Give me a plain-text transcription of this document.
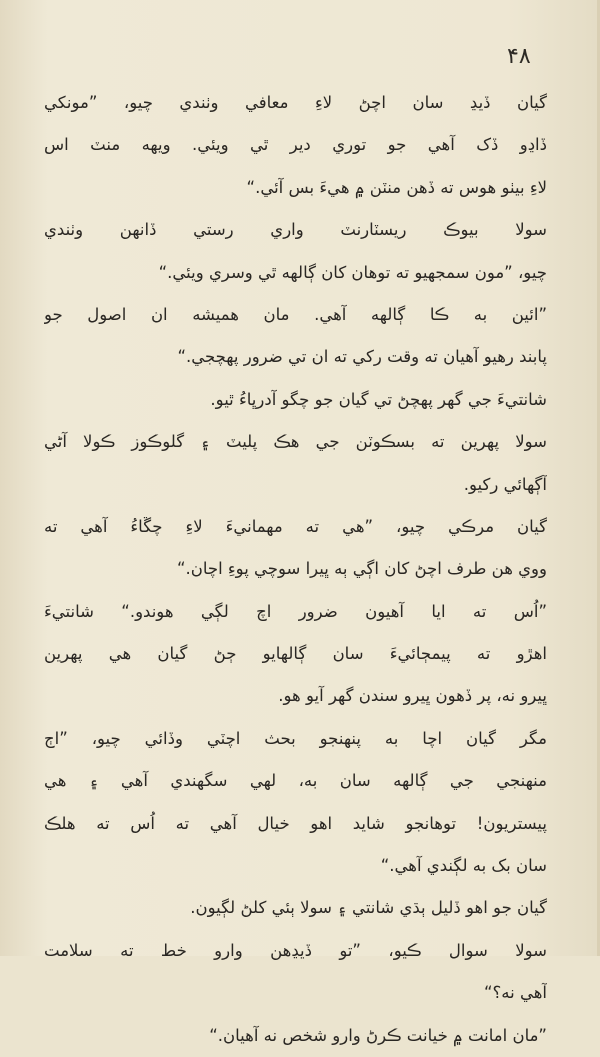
۴۸
گيان ڏيڍ سان اچڻ لاءِ معافي وٺندي چيو، ”مونکي
ڏاڍو ڏک آهي جو توري دير ٿي ويئي. ويهه منٽ اس
لاءِ بيٺو هوس ته ڏهن منٽن ۾ هيءَ بس آئي.“
سولا بيوڪ ريسٽارنٽ واري رستي ڏانهن وٺندي
چيو، ”مون سمجهيو ته توهان کان ڳالهه ٿي وسري ويئي.“
”ائين به ڪا ڳالهه آهي. مان هميشه ان اصول جو
پابند رهيو آهيان ته وقت رکي ته ان تي ضرور پهچجي.“
شانتيءَ جي گهر پهچڻ تي گيان جو چگو آدرڀاءُ ٿيو.
سولا پهرين ته بسڪوٽن جي هڪ پليٽ ۽ گلوڪوز ڪولا آڻي
آڳهائي رکيو.
گيان مرڪي چيو، ”هي ته مهمانيءَ لاءِ چڱاءُ آهي ته
ووي هن طرف اچڻ کان اڳي ٻه ڀيرا سوچي پوءِ اچان.“
”اُس ته ايا آهيون ضرور اچ لڳي هوندو.“ شانتيءَ
اهڙو ته پيمڄائيءَ سان ڳالهايو ڄڻ گيان هي پهرين
ڀيرو نه، پر ڏهون ڀيرو سندن گهر آيو هو.
مگر گيان اچا به پنهنجو بحث اچٽي وڏائي چيو، ”اڄ
منهنجي جي ڳالهه سان به، لهي سگهندي آهي ۽ هي
پيستريون! توهانجو شايد اهو خيال آهي ته اُس ته هلڪ
سان بک به لڳندي آهي.“
گيان جو اهو ڏليل ٻڌي شانتي ۽ سولا ٻئي کلڻ لڳيون.
سولا سوال ڪيو، ”تو ڏيڍهن وارو خط ته سلامت
آهي نه؟“
”مان امانت ۾ خيانت ڪرڻ وارو شخص نه آهيان.“
